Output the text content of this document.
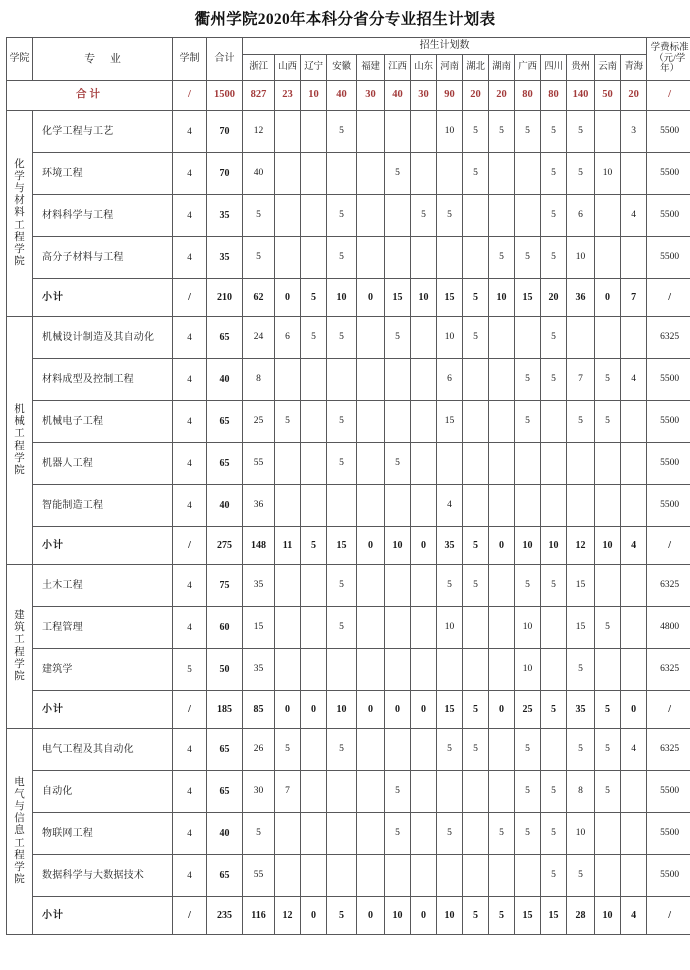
衢州学院2020年本科分省分专业招生计划表
学院	专 业	学制	合计	招生计划数															学费标准（元/学年）
				浙江	山西	辽宁	安徽	福建	江西	山东	河南	湖北	湖南	广西	四川	贵州	云南	青海	
合计		/	1500	827	23	10	40	30	40	30	90	20	20	80	80	140	50	20	/

化学与材料工程学院	化学工程与工艺	4	70	12			5				10	5	5	5	5	5		3	5500
	环境工程	4	70	40					5			5			5	5	10		5500
	材料科学与工程	4	35	5			5			5	5				5	6		4	5500
	高分子材料与工程	4	35	5			5						5	5	5	10			5500
	小计	/	210	62	0	5	10	0	15	10	15	5	10	15	20	36	0	7	/

机械工程学院	机械设计制造及其自动化	4	65	24	6	5	5		5		10	5			5				6325
	材料成型及控制工程	4	40	8							6			5	5	7	5	4	5500
	机械电子工程	4	65	25	5		5				15			5		5	5		5500
	机器人工程	4	65	55			5		5										5500
	智能制造工程	4	40	36							4								5500
	小计	/	275	148	11	5	15	0	10	0	35	5	0	10	10	12	10	4	/

建筑工程学院	土木工程	4	75	35			5				5	5		5	5	15			6325
	工程管理	4	60	15			5				10			10		15	5		4800
	建筑学	5	50	35										10		5			6325
	小计	/	185	85	0	0	10	0	0	0	15	5	0	25	5	35	5	0	/

电气与信息工程学院	电气工程及其自动化	4	65	26	5		5				5	5		5		5	5	4	6325
	自动化	4	65	30	7				5					5	5	8	5		5500
	物联网工程	4	40	5					5		5		5	5	5	10			5500
	数据科学与大数据技术	4	65	55											5	5			5500
	小计	/	235	116	12	0	5	0	10	0	10	5	5	15	15	28	10	4	/
